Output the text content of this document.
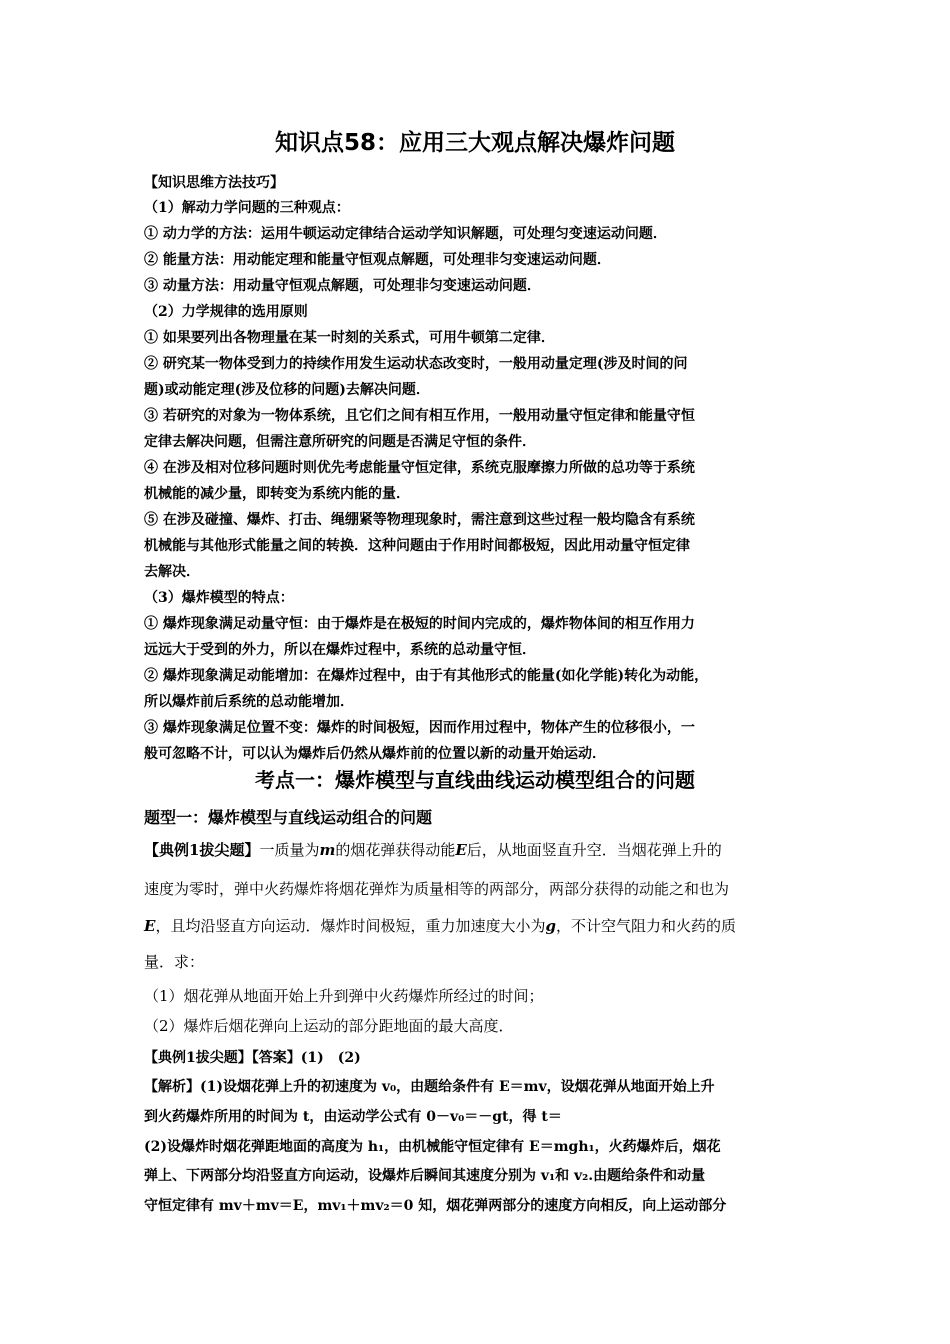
知识点58：应用三大观点解决爆炸问题
【知识思维方法技巧】
（1）解动力学问题的三种观点：
① 动力学的方法：运用牛顿运动定律结合运动学知识解题，可处理匀变速运动问题．
② 能量方法：用动能定理和能量守恒观点解题，可处理非匀变速运动问题．
③ 动量方法：用动量守恒观点解题，可处理非匀变速运动问题．
（2）力学规律的选用原则
① 如果要列出各物理量在某一时刻的关系式，可用牛顿第二定律．
② 研究某一物体受到力的持续作用发生运动状态改变时，一般用动量定理(涉及时间的问
题)或动能定理(涉及位移的问题)去解决问题．
③ 若研究的对象为一物体系统，且它们之间有相互作用，一般用动量守恒定律和能量守恒
定律去解决问题，但需注意所研究的问题是否满足守恒的条件．
④ 在涉及相对位移问题时则优先考虑能量守恒定律，系统克服摩擦力所做的总功等于系统
机械能的减少量，即转变为系统内能的量．
⑤ 在涉及碰撞、爆炸、打击、绳绷紧等物理现象时，需注意到这些过程一般均隐含有系统
机械能与其他形式能量之间的转换．这种问题由于作用时间都极短，因此用动量守恒定律
去解决．
（3）爆炸模型的特点：
① 爆炸现象满足动量守恒：由于爆炸是在极短的时间内完成的，爆炸物体间的相互作用力
远远大于受到的外力，所以在爆炸过程中，系统的总动量守恒．
② 爆炸现象满足动能增加：在爆炸过程中，由于有其他形式的能量(如化学能)转化为动能，
所以爆炸前后系统的总动能增加．
③ 爆炸现象满足位置不变：爆炸的时间极短，因而作用过程中，物体产生的位移很小，一
般可忽略不计，可以认为爆炸后仍然从爆炸前的位置以新的动量开始运动．
考点一：爆炸模型与直线曲线运动模型组合的问题
题型一：爆炸模型与直线运动组合的问题
【典例1拔尖题】一质量为m的烟花弹获得动能E后，从地面竖直升空．当烟花弹上升的
速度为零时，弹中火药爆炸将烟花弹炸为质量相等的两部分，两部分获得的动能之和也为
E，且均沿竖直方向运动．爆炸时间极短，重力加速度大小为g，不计空气阻力和火药的质
量．求：
（1）烟花弹从地面开始上升到弹中火药爆炸所经过的时间；
（2）爆炸后烟花弹向上运动的部分距地面的最大高度．
【典例1拔尖题】【答案】(1)　(2)
【解析】(1)设烟花弹上升的初速度为 v₀，由题给条件有 E＝mv，设烟花弹从地面开始上升
到火药爆炸所用的时间为 t，由运动学公式有 0－v₀＝－gt，得 t＝
(2)设爆炸时烟花弹距地面的高度为 h₁，由机械能守恒定律有 E＝mgh₁，火药爆炸后，烟花
弹上、下两部分均沿竖直方向运动，设爆炸后瞬间其速度分别为 v₁和 v₂.由题给条件和动量
守恒定律有 mv＋mv＝E，mv₁＋mv₂＝0 知，烟花弹两部分的速度方向相反，向上运动部分
